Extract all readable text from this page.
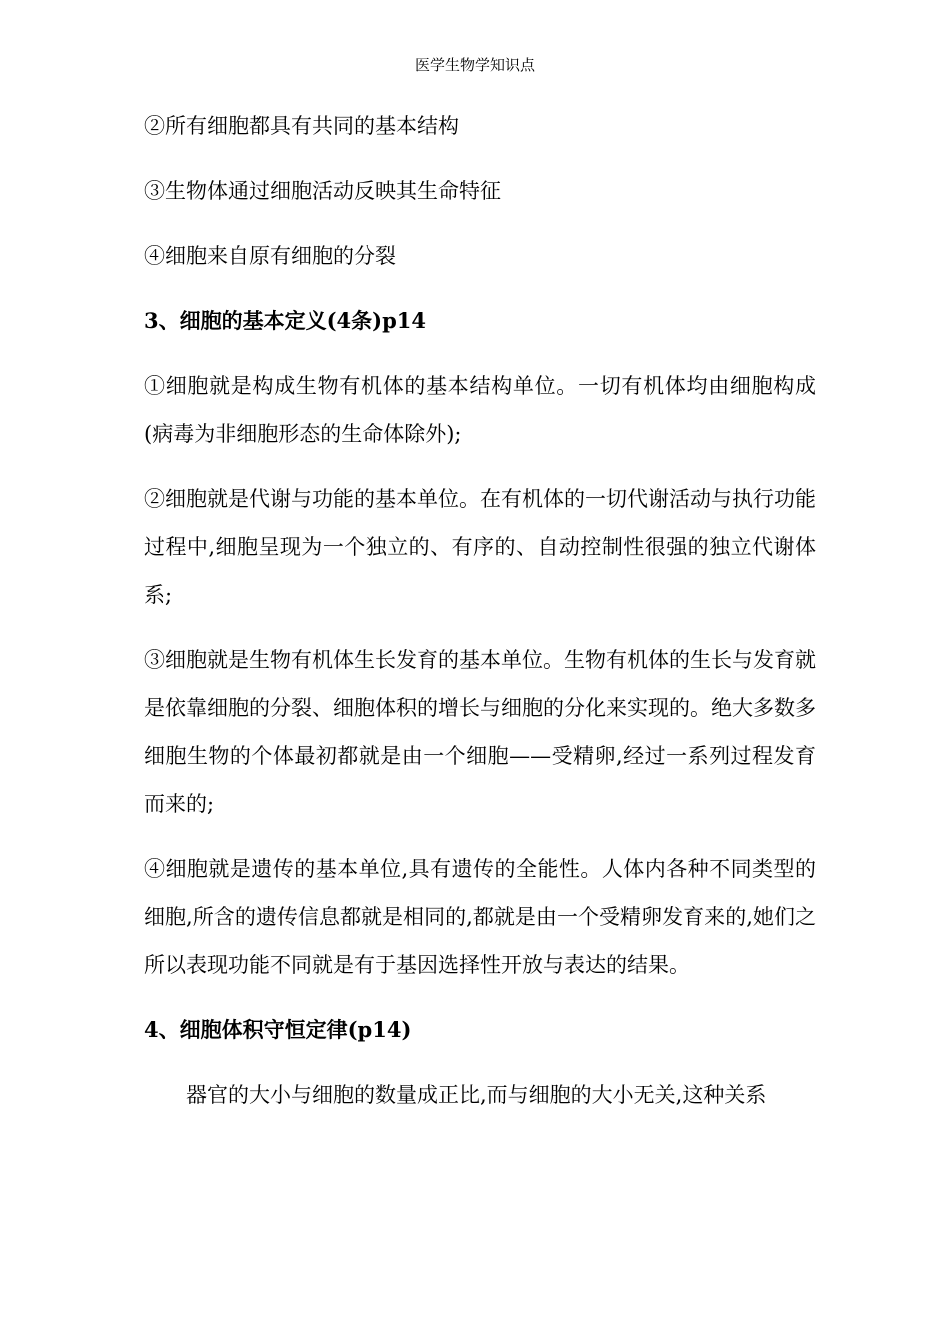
医学生物学知识点

②所有细胞都具有共同的基本结构

③生物体通过细胞活动反映其生命特征

④细胞来自原有细胞的分裂

3、细胞的基本定义(4条)p14

①细胞就是构成生物有机体的基本结构单位。一切有机体均由细胞构成(病毒为非细胞形态的生命体除外);

②细胞就是代谢与功能的基本单位。在有机体的一切代谢活动与执行功能过程中,细胞呈现为一个独立的、有序的、自动控制性很强的独立代谢体系;

③细胞就是生物有机体生长发育的基本单位。生物有机体的生长与发育就是依靠细胞的分裂、细胞体积的增长与细胞的分化来实现的。绝大多数多细胞生物的个体最初都就是由一个细胞——受精卵,经过一系列过程发育而来的;

④细胞就是遗传的基本单位,具有遗传的全能性。人体内各种不同类型的细胞,所含的遗传信息都就是相同的,都就是由一个受精卵发育来的,她们之所以表现功能不同就是有于基因选择性开放与表达的结果。

4、细胞体积守恒定律(p14)

器官的大小与细胞的数量成正比,而与细胞的大小无关,这种关系
